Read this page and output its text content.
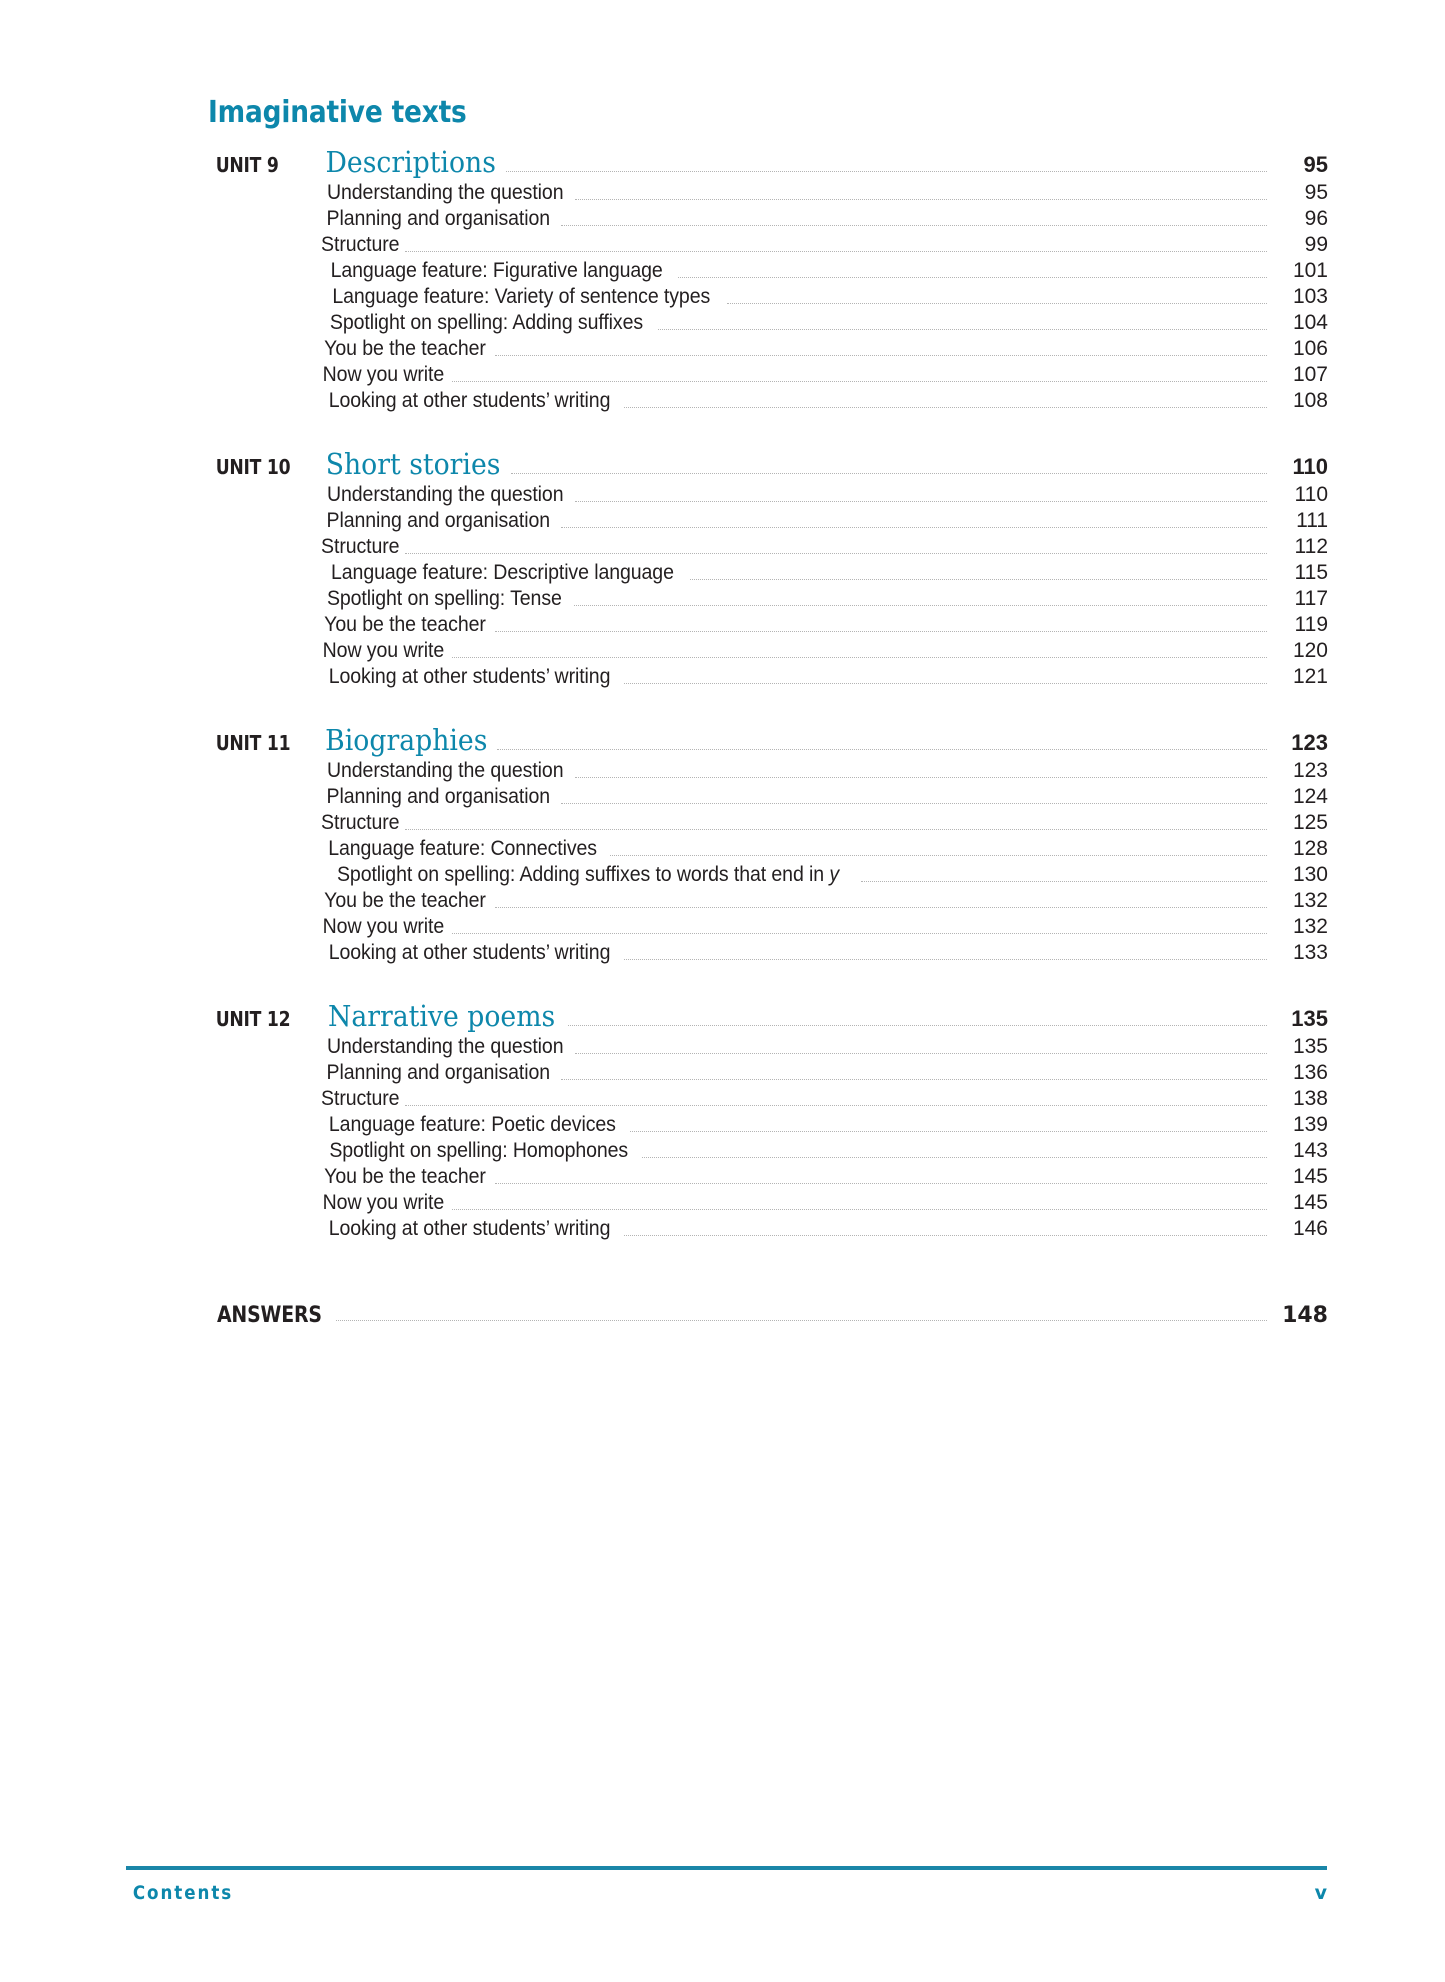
Imaginative texts
UNIT 9	Descriptions	95
Understanding the question	95
Planning and organisation	96
Structure	99
Language feature: Figurative language	101
Language feature: Variety of sentence types	103
Spotlight on spelling: Adding suffixes	104
You be the teacher	106
Now you write	107
Looking at other students’ writing	108
UNIT 10	Short stories	110
Understanding the question	110
Planning and organisation	111
Structure	112
Language feature: Descriptive language	115
Spotlight on spelling: Tense	117
You be the teacher	119
Now you write	120
Looking at other students’ writing	121
UNIT 11	Biographies	123
Understanding the question	123
Planning and organisation	124
Structure	125
Language feature: Connectives	128
Spotlight on spelling: Adding suffixes to words that end in y	130
You be the teacher	132
Now you write	132
Looking at other students’ writing	133
UNIT 12	Narrative poems	135
Understanding the question	135
Planning and organisation	136
Structure	138
Language feature: Poetic devices	139
Spotlight on spelling: Homophones	143
You be the teacher	145
Now you write	145
Looking at other students’ writing	146
ANSWERS	148
Contents	v
